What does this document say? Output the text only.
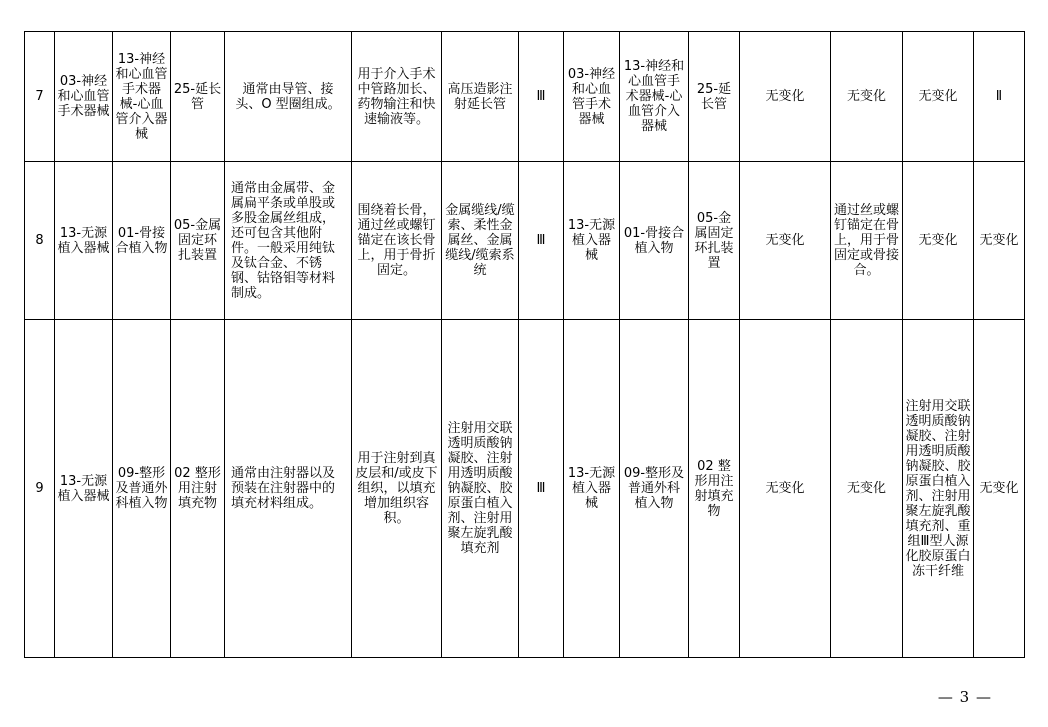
7	03-神经和心血管手术器械	13-神经和心血管手术器械-心血管介入器械	25-延长管	通常由导管、接头、O 型圈组成。	用于介入手术中管路加长、药物输注和快速输液等。	高压造影注射延长管	Ⅲ	03-神经和心血管手术器械	13-神经和心血管手术器械-心血管介入器械	25-延长管	无变化	无变化	无变化	Ⅱ
8	13-无源植入器械	01-骨接合植入物	05-金属固定环扎装置	通常由金属带、金属扁平条或单股或多股金属丝组成，还可包含其他附件。一般采用纯钛及钛合金、不锈钢、钴铬钼等材料制成。	围绕着长骨，通过丝或螺钉锚定在该长骨上，用于骨折固定。	金属缆线/缆索、柔性金属丝、金属缆线/缆索系统	Ⅲ	13-无源植入器械	01-骨接合植入物	05-金属固定环扎装置	无变化	通过丝或螺钉锚定在骨上，用于骨固定或骨接合。	无变化	无变化
9	13-无源植入器械	09-整形及普通外科植入物	02 整形用注射填充物	通常由注射器以及预装在注射器中的填充材料组成。	用于注射到真皮层和/或皮下组织，以填充增加组织容积。	注射用交联透明质酸钠凝胶、注射用透明质酸钠凝胶、胶原蛋白植入剂、注射用聚左旋乳酸填充剂	Ⅲ	13-无源植入器械	09-整形及普通外科植入物	02 整形用注射填充物	无变化	无变化	注射用交联透明质酸钠凝胶、注射用透明质酸钠凝胶、胶原蛋白植入剂、注射用聚左旋乳酸填充剂、重组Ⅲ型人源化胶原蛋白冻干纤维	无变化
— 3 —
